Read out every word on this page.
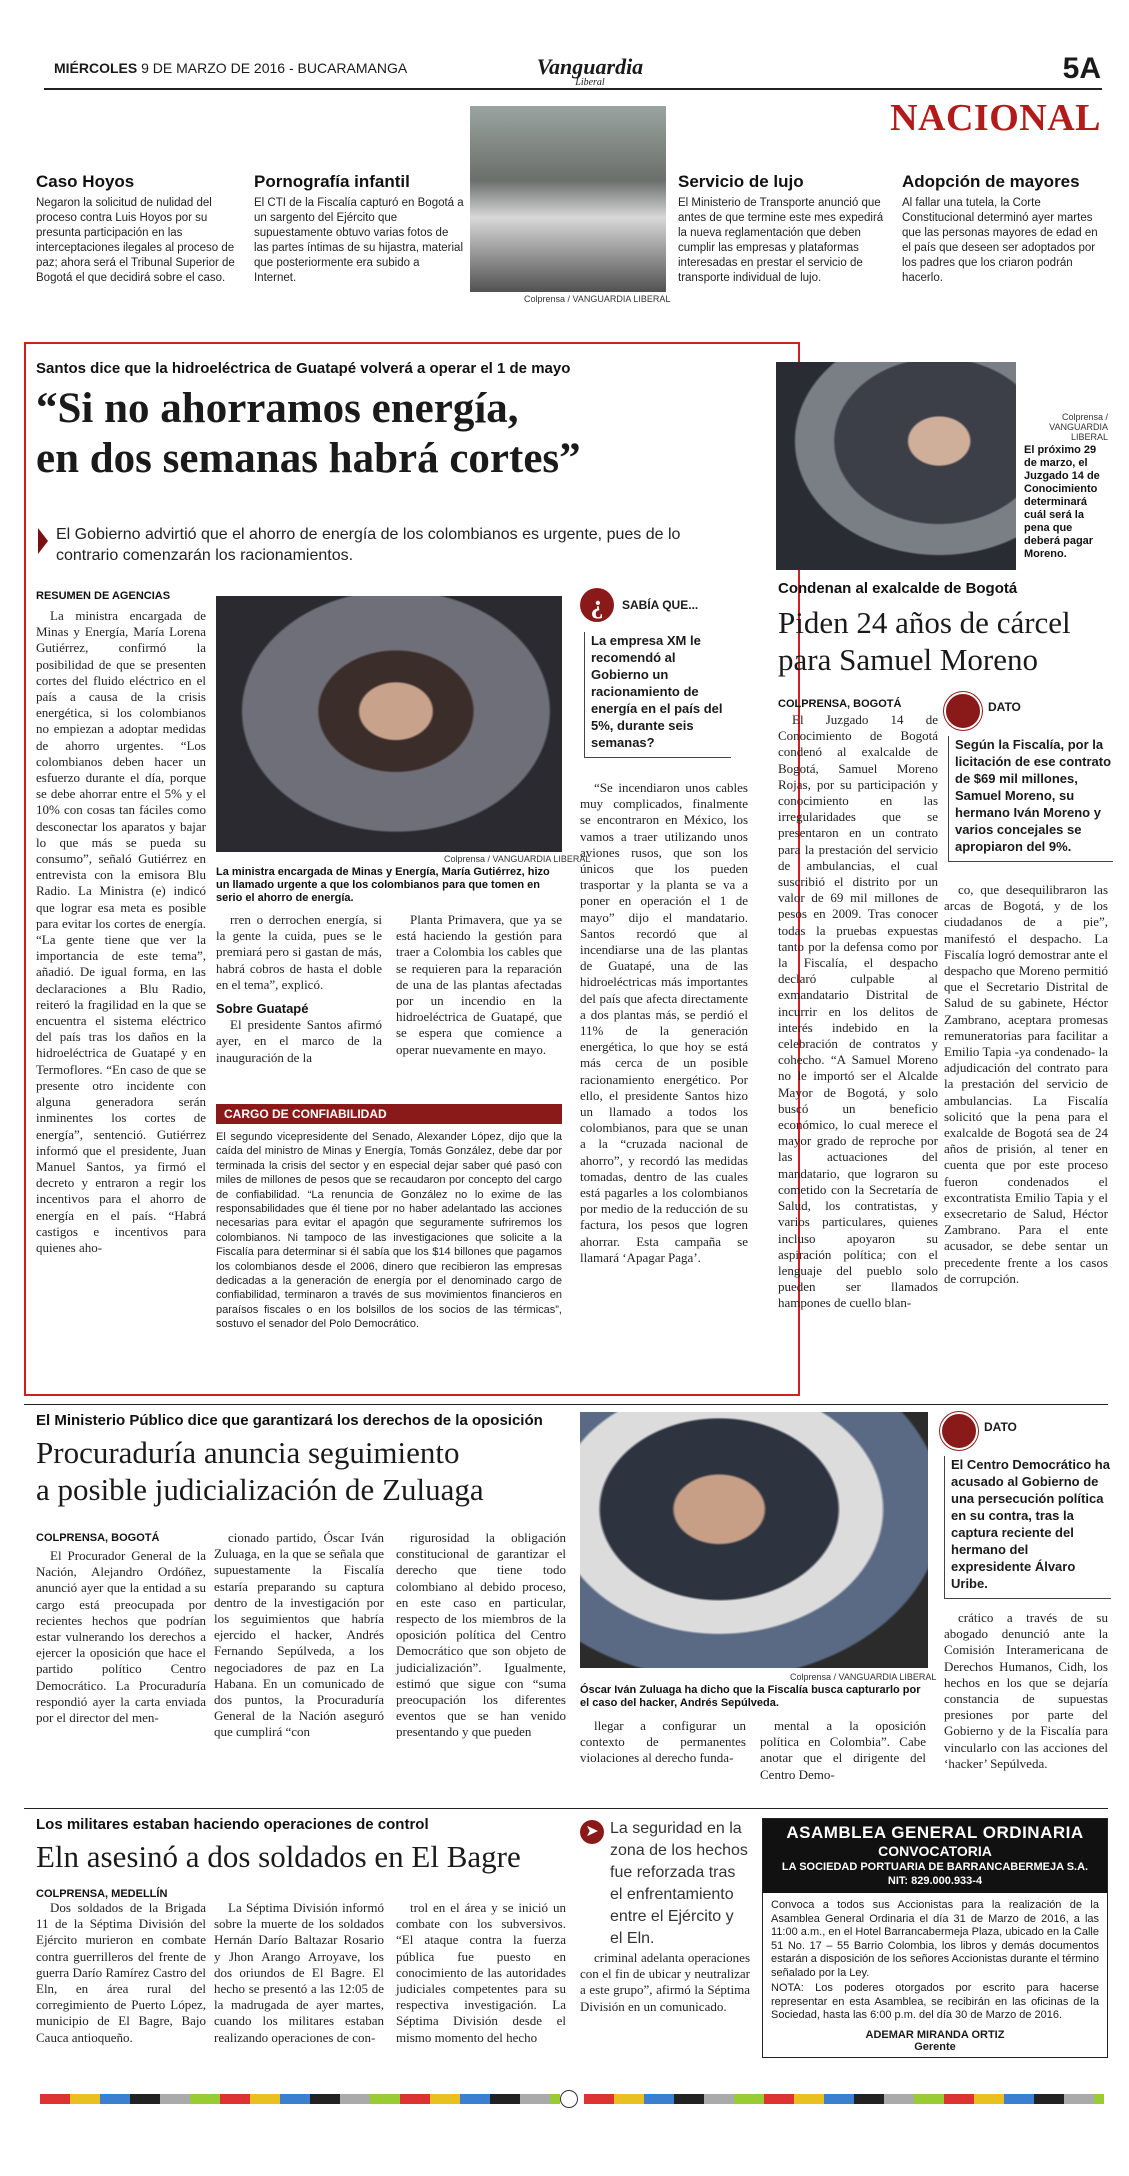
MIÉRCOLES 9 DE MARZO DE 2016 - BUCARAMANGA	Vanguardia
Liberal	5A
NACIONAL
Caso Hoyos
Negaron la solicitud de nulidad del proceso contra Luis Hoyos por su presunta participación en las interceptaciones ilegales al proceso de paz; ahora será el Tribunal Superior de Bogotá el que decidirá sobre el caso.
Pornografía infantil
El CTI de la Fiscalía capturó en Bogotá a un sargento del Ejército que supuestamente obtuvo varias fotos de las partes íntimas de su hijastra, material que posteriormente era subido a Internet.
Colprensa / VANGUARDIA LIBERAL
Servicio de lujo
El Ministerio de Transporte anunció que antes de que termine este mes expedirá la nueva reglamentación que deben cumplir las empresas y plataformas interesadas en prestar el servicio de transporte individual de lujo.
Adopción de mayores
Al fallar una tutela, la Corte Constitucional determinó ayer martes que las personas mayores de edad en el país que deseen ser adoptados por los padres que los criaron podrán hacerlo.
Santos dice que la hidroeléctrica de Guatapé volverá a operar el 1 de mayo
“Si no ahorramos energía,
en dos semanas habrá cortes”
El Gobierno advirtió que el ahorro de energía de los colombianos es urgente, pues de lo contrario comenzarán los racionamientos.
RESUMEN DE AGENCIAS

La ministra encargada de Minas y Energía, María Lorena Gutiérrez, confirmó la posibilidad de que se presenten cortes del fluido eléctrico en el país a causa de la crisis energética, si los colombianos no empiezan a adoptar medidas de ahorro urgentes. “Los colombianos deben hacer un esfuerzo durante el día, porque se debe ahorrar entre el 5% y el 10% con cosas tan fáciles como desconectar los aparatos y bajar lo que más se pueda su consumo”, señaló Gutiérrez en entrevista con la emisora Blu Radio. La Ministra (e) indicó que lograr esa meta es posible para evitar los cortes de energía. “La gente tiene que ver la importancia de este tema”, añadió. De igual forma, en las declaraciones a Blu Radio, reiteró la fragilidad en la que se encuentra el sistema eléctrico del país tras los daños en la hidroeléctrica de Guatapé y en Termoflores. “En caso de que se presente otro incidente con alguna generadora serán inminentes los cortes de energía”, sentenció. Gutiérrez informó que el presidente, Juan Manuel Santos, ya firmó el decreto y entraron a regir los incentivos para el ahorro de energía en el país. “Habrá castigos e incentivos para quienes aho-

Colprensa / VANGUARDIA LIBERAL
La ministra encargada de Minas y Energía, María Gutiérrez, hizo un llamado urgente a que los colombianos para que tomen en serio el ahorro de energía.

rren o derrochen energía, si la gente la cuida, pues se le premiará pero si gastan de más, habrá cobros de hasta el doble en el tema”, explicó.

Sobre Guatapé

El presidente Santos afirmó ayer, en el marco de la inauguración de la

Planta Primavera, que ya se está haciendo la gestión para traer a Colombia los cables que se requieren para la reparación de una de las plantas afectadas por un incendio en la hidroeléctrica de Guatapé, que se espera que comience a operar nuevamente en mayo.

CARGO DE CONFIABILIDAD
El segundo vicepresidente del Senado, Alexander López, dijo que la caída del ministro de Minas y Energía, Tomás González, debe dar por terminada la crisis del sector y en especial dejar saber qué pasó con miles de millones de pesos que se recaudaron por concepto del cargo de confiabilidad. “La renuncia de González no lo exime de las responsabilidades que él tiene por no haber adelantado las acciones necesarias para evitar el apagón que seguramente sufriremos los colombianos. Ni tampoco de las investigaciones que solicite a la Fiscalía para determinar si él sabía que los $14 billones que pagamos los colombianos desde el 2006, dinero que recibieron las empresas dedicadas a la generación de energía por el denominado cargo de confiabilidad, terminaron a través de sus movimientos financieros en paraísos fiscales o en los bolsillos de los socios de las térmicas”, sostuvo el senador del Polo Democrático.
¿	SABÍA QUE...
La empresa XM le recomendó al Gobierno un racionamiento de energía en el país del 5%, durante seis semanas?

“Se incendiaron unos cables muy complicados, finalmente se encontraron en México, los vamos a traer utilizando unos aviones rusos, que son los únicos que los pueden trasportar y la planta se va a poner en operación el 1 de mayo” dijo el mandatario. Santos recordó que al incendiarse una de las plantas de Guatapé, una de las hidroeléctricas más importantes del país que afecta directamente a dos plantas más, se perdió el 11% de la generación energética, lo que hoy se está más cerca de un posible racionamiento energético. Por ello, el presidente Santos hizo un llamado a todos los colombianos, para que se unan a la “cruzada nacional de ahorro”, y recordó las medidas tomadas, dentro de las cuales está pagarles a los colombianos por medio de la reducción de su factura, los pesos que logren ahorrar. Esta campaña se llamará ‘Apagar Paga’.

Colprensa / VANGUARDIA LIBERAL
El próximo 29 de marzo, el Juzgado 14 de Conocimiento determinará cuál será la pena que deberá pagar Moreno.
Condenan al exalcalde de Bogotá
Piden 24 años de cárcel
para Samuel Moreno
COLPRENSA, BOGOTÁ

El Juzgado 14 de Conocimiento de Bogotá condenó al exalcalde de Bogotá, Samuel Moreno Rojas, por su participación y conocimiento en las irregularidades que se presentaron en un contrato para la prestación del servicio de ambulancias, el cual suscribió el distrito por un valor de 69 mil millones de pesos en 2009. Tras conocer todas la pruebas expuestas tanto por la defensa como por la Fiscalía, el despacho declaró culpable al exmandatario Distrital de incurrir en los delitos de interés indebido en la celebración de contratos y cohecho. “A Samuel Moreno no le importó ser el Alcalde Mayor de Bogotá, y solo buscó un beneficio económico, lo cual merece el mayor grado de reproche por las actuaciones del mandatario, que lograron su cometido con la Secretaría de Salud, los contratistas, y varios particulares, quienes incluso apoyaron su aspiración política; con el lenguaje del pueblo solo pueden ser llamados hampones de cuello blan-

DATO
Según la Fiscalía, por la licitación de ese contrato de $69 mil millones, Samuel Moreno, su hermano Iván Moreno y varios concejales se apropiaron del 9%.

co, que desequilibraron las arcas de Bogotá, y de los ciudadanos de a pie”, manifestó el despacho. La Fiscalía logró demostrar ante el despacho que Moreno permitió que el Secretario Distrital de Salud de su gabinete, Héctor Zambrano, aceptara promesas remuneratorias para facilitar a Emilio Tapia -ya condenado- la adjudicación del contrato para la prestación del servicio de ambulancias. La Fiscalía solicitó que la pena para el exalcalde de Bogotá sea de 24 años de prisión, al tener en cuenta que por este proceso fueron condenados el excontratista Emilio Tapia y el exsecretario de Salud, Héctor Zambrano. Para el ente acusador, se debe sentar un precedente frente a los casos de corrupción.

El Ministerio Público dice que garantizará los derechos de la oposición
Procuraduría anuncia seguimiento
a posible judicialización de Zuluaga
COLPRENSA, BOGOTÁ

El Procurador General de la Nación, Alejandro Ordóñez, anunció ayer que la entidad a su cargo está preocupada por recientes hechos que podrían estar vulnerando los derechos a ejercer la oposición que hace el partido político Centro Democrático. La Procuraduría respondió ayer la carta enviada por el director del men-

cionado partido, Óscar Iván Zuluaga, en la que se señala que supuestamente la Fiscalía estaría preparando su captura dentro de la investigación por los seguimientos que habría ejercido el hacker, Andrés Fernando Sepúlveda, a los negociadores de paz en La Habana. En un comunicado de dos puntos, la Procuraduría General de la Nación aseguró que cumplirá “con

rigurosidad la obligación constitucional de garantizar el derecho que tiene todo colombiano al debido proceso, en este caso en particular, respecto de los miembros de la oposición política del Centro Democrático que son objeto de judicialización”. Igualmente, estimó que sigue con “suma preocupación los diferentes eventos que se han venido presentando y que pueden

Colprensa / VANGUARDIA LIBERAL
Óscar Iván Zuluaga ha dicho que la Fiscalía busca capturarlo por el caso del hacker, Andrés Sepúlveda.

llegar a configurar un contexto de permanentes violaciones al derecho funda-

mental a la oposición política en Colombia”. Cabe anotar que el dirigente del Centro Demo-

DATO
El Centro Democrático ha acusado al Gobierno de una persecución política en su contra, tras la captura reciente del hermano del expresidente Álvaro Uribe.

crático a través de su abogado denunció ante la Comisión Interamericana de Derechos Humanos, Cidh, los hechos en los que se dejaría constancia de supuestas presiones por parte del Gobierno y de la Fiscalía para vincularlo con las acciones del ‘hacker’ Sepúlveda.

Los militares estaban haciendo operaciones de control
Eln asesinó a dos soldados en El Bagre
COLPRENSA, MEDELLÍN

Dos soldados de la Brigada 11 de la Séptima División del Ejército murieron en combate contra guerrilleros del frente de guerra Darío Ramírez Castro del Eln, en área rural del corregimiento de Puerto López, municipio de El Bagre, Bajo Cauca antioqueño.

La Séptima División informó sobre la muerte de los soldados Hernán Darío Baltazar Rosario y Jhon Arango Arroyave, los dos oriundos de El Bagre. El hecho se presentó a las 12:05 de la madrugada de ayer martes, cuando los militares estaban realizando operaciones de con-

trol en el área y se inició un combate con los subversivos. “El ataque contra la fuerza pública fue puesto en conocimiento de las autoridades judiciales competentes para su respectiva investigación. La Séptima División desde el mismo momento del hecho

➤ La seguridad en la zona de los hechos fue reforzada tras el enfrentamiento entre el Ejército y el Eln.

criminal adelanta operaciones con el fin de ubicar y neutralizar a este grupo”, afirmó la Séptima División en un comunicado.

ASAMBLEA GENERAL ORDINARIA
CONVOCATORIA
LA SOCIEDAD PORTUARIA DE BARRANCABERMEJA S.A.
NIT: 829.000.933-4
Convoca a todos sus Accionistas para la realización de la Asamblea General Ordinaria el día 31 de Marzo de 2016, a las 11:00 a.m., en el Hotel Barrancabermeja Plaza, ubicado en la Calle 51 No. 17 – 55 Barrio Colombia, los libros y demás documentos estarán a disposición de los señores Accionistas durante el término señalado por la Ley.
NOTA: Los poderes otorgados por escrito para hacerse representar en esta Asamblea, se recibirán en las oficinas de la Sociedad, hasta las 6:00 p.m. del día 30 de Marzo de 2016.
ADEMAR MIRANDA ORTIZ
Gerente
